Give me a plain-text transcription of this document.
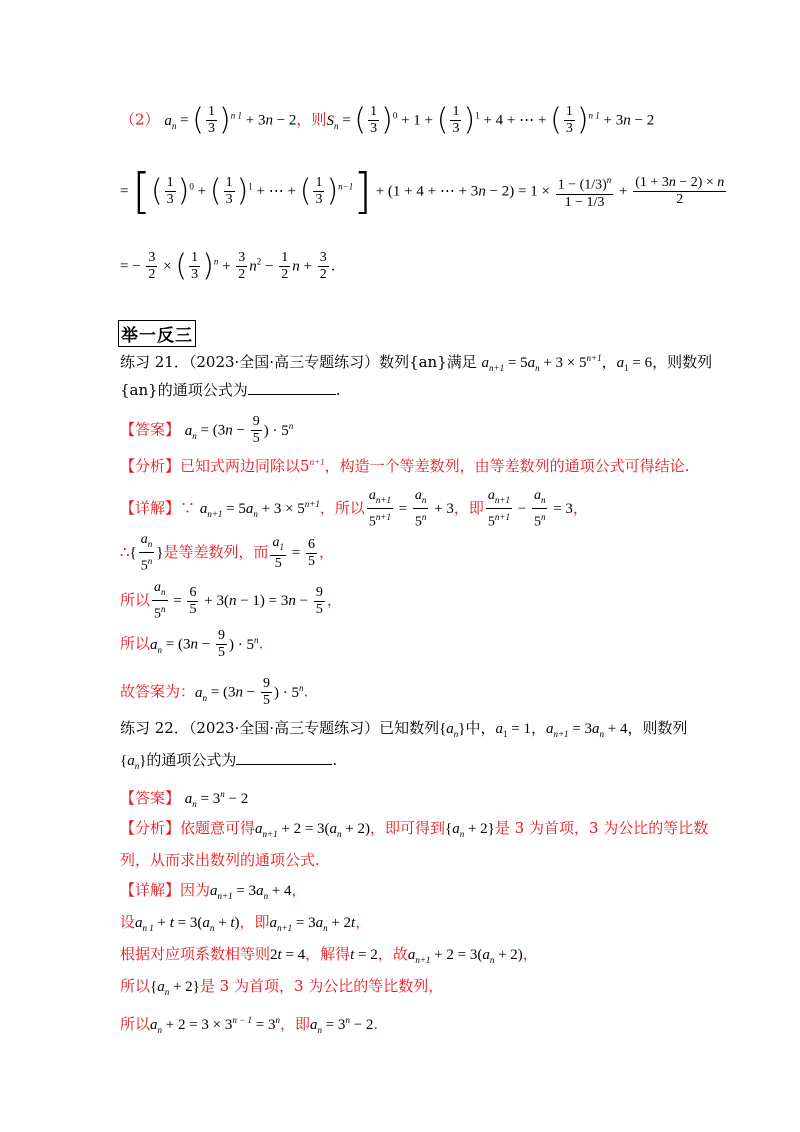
（2） $a_n$ = ( $\frac{1}{3} )^{n 1} + 3n - 2$，则$S_n$ = ( $\frac{1}{3} )^0 + 1$ + ( $\frac{1}{3} )^1 + 4$ + ⋯ + ( $\frac{1}{3} )^{n 1} + 3n - 2$
= [( $\frac{1}{3} )^0$ + ( $\frac{1}{3} )^1$ + ⋯ + ( $\frac{1}{3} )^{n-1}] + (1 + 4$ + ⋯ + $3n - 2) = 1 \times \frac{1 - (1/3)^n}{1 - 1/3} + \frac{(1 + 3n - 2) \times n}{2}$
= − $\frac{3}{2}$ × ( $\frac{1}{3} )^n + \frac{3}{2} n^2 - \frac{1}{2}$ $n + \frac{3}{2}$ .
举一反三
练习 21．（2023·全国·高三专题练习）数列{an}满足 $a_{n+1} = 5a_n + 3 \times 5^{n+1}$，$a_1 = 6$，则数列
{an}的通项公式为	.
【答案】 $a_n = (3n - \frac{9}{5}$ ) · $5^n$
【分析】已知式两边同除以$5^{n+1}$，构造一个等差数列，由等差数列的通项公式可得结论.
【详解】∵ $a_{n+1} = 5a_n + 3 \times 5^{n+1}$，所以 $\frac{a_{n+1}}{5^{n+1}} = \frac{a_n}{5^n} + 3$，即 $\frac{a_{n+1}}{5^{n+1}} - \frac{a_n}{5^n} = 3$，
∴{ $\frac{a_n}{5^n}$ }是等差数列，而 $\frac{a_1}{5} = \frac{6}{5}$ ，
所以 $\frac{a_n}{5^n} = \frac{6}{5} + 3(n - 1) = 3n - \frac{9}{5}$ ，
所以$a_n = (3n - \frac{9}{5}$ ) · $5^n$.
故答案为：$a_n = (3n - \frac{9}{5}$ ) · $5^n$.
练习 22．（2023·全国·高三专题练习）已知数列$\{a_n\}$中，$a_1 = 1$，$a_{n+1} = 3a_n + 4$，则数列
$\{a_n\}$的通项公式为	.
【答案】 $a_n = 3^n - 2$
【分析】依题意可得$a_{n+1} + 2 = 3(a_n + 2)$，即可得到$\{a_n + 2\}$是 3 为首项，3 为公比的等比数
列，从而求出数列的通项公式.
【详解】因为$a_{n+1} = 3a_n + 4$，
设$a_{n 1} + t = 3(a_n + t)$，即$a_{n+1} = 3a_n + 2t$，
根据对应项系数相等则2t = 4，解得t = 2，故$a_{n+1} + 2 = 3(a_n + 2)$，
所以$\{a_n + 2\}$是 3 为首项，3 为公比的等比数列，
所以$a_n + 2 = 3 \times 3^{n - 1} = 3^n$，即$a_n = 3^n - 2$.
